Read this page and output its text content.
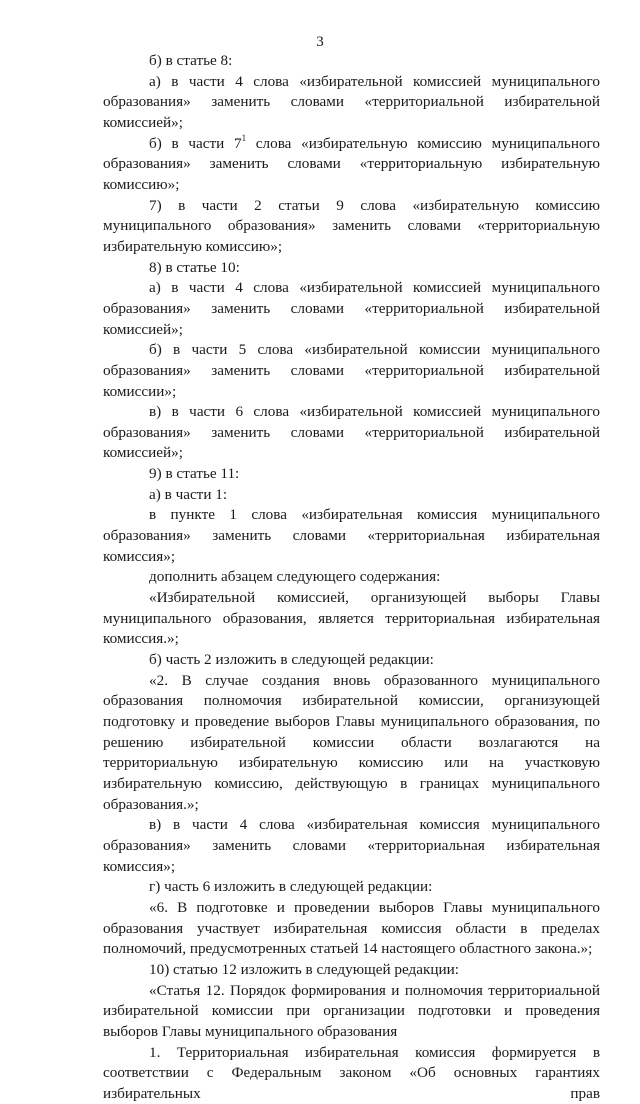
3

б) в статье 8:

а) в части 4 слова «избирательной комиссией муниципального образования» заменить словами «территориальной избирательной комиссией»;

б) в части $7^1$ слова «избирательную комиссию муниципального образования» заменить словами «территориальную избирательную комиссию»;

7) в части 2 статьи 9 слова «избирательную комиссию муниципального образования» заменить словами «территориальную избирательную комиссию»;

8) в статье 10:

а) в части 4 слова «избирательной комиссией муниципального образования» заменить словами «территориальной избирательной комиссией»;

б) в части 5 слова «избирательной комиссии муниципального образования» заменить словами «территориальной избирательной комиссии»;

в) в части 6 слова «избирательной комиссией муниципального образования» заменить словами «территориальной избирательной комиссией»;

9) в статье 11:

а) в части 1:

в пункте 1 слова «избирательная комиссия муниципального образования» заменить словами «территориальная избирательная комиссия»;

дополнить абзацем следующего содержания:

«Избирательной комиссией, организующей выборы Главы муниципального образования, является территориальная избирательная комиссия.»;

б) часть 2 изложить в следующей редакции:

«2. В случае создания вновь образованного муниципального образования полномочия избирательной комиссии, организующей подготовку и проведение выборов Главы муниципального образования, по решению избирательной комиссии области возлагаются на территориальную избирательную комиссию или на участковую избирательную комиссию, действующую в границах муниципального образования.»;

в) в части 4 слова «избирательная комиссия муниципального образования» заменить словами «территориальная избирательная комиссия»;

г) часть 6 изложить в следующей редакции:

«6. В подготовке и проведении выборов Главы муниципального образования участвует избирательная комиссия области в пределах полномочий, предусмотренных статьей 14 настоящего областного закона.»;

10) статью 12 изложить в следующей редакции:

«Статья 12. Порядок формирования и полномочия территориальной избирательной комиссии при организации подготовки и проведения выборов Главы муниципального образования

1. Территориальная избирательная комиссия формируется в соответствии с Федеральным законом «Об основных гарантиях избирательных прав
